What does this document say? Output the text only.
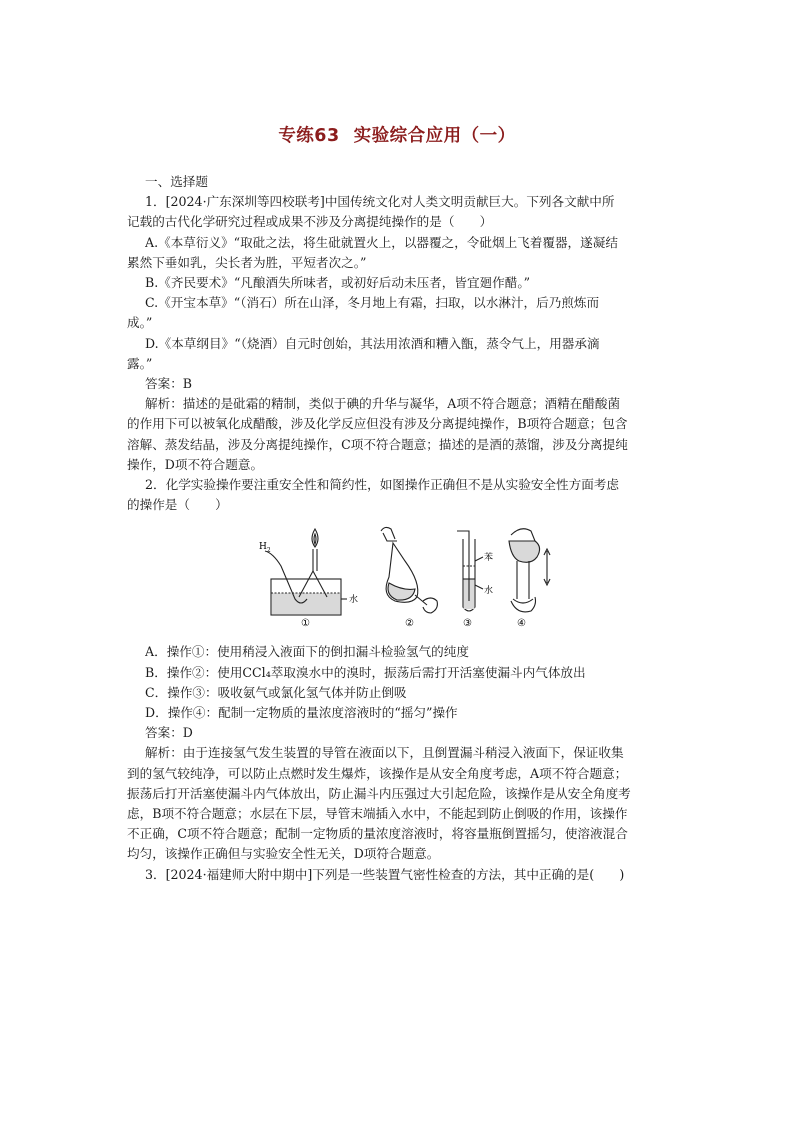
专练63 实验综合应用（一）
一、选择题
1．[2024·广东深圳等四校联考]中国传统文化对人类文明贡献巨大。下列各文献中所
记载的古代化学研究过程或成果不涉及分离提纯操作的是（　　）
A.《本草衍义》“取砒之法，将生砒就置火上，以器覆之，令砒烟上飞着覆器，遂凝结
累然下垂如乳，尖长者为胜，平短者次之。”
B.《齐民要术》“凡酿酒失所味者，或初好后动未压者，皆宜廻作醋。”
C.《开宝本草》“（消石）所在山泽，冬月地上有霜，扫取，以水淋汁，后乃煎炼而
成。”
D.《本草纲目》“（烧酒）自元时创始，其法用浓酒和糟入甑，蒸令气上，用器承滴
露。”
答案：B
解析：描述的是砒霜的精制，类似于碘的升华与凝华，A项不符合题意；酒精在醋酸菌
的作用下可以被氧化成醋酸，涉及化学反应但没有涉及分离提纯操作，B项符合题意；包含
溶解、蒸发结晶，涉及分离提纯操作，C项不符合题意；描述的是酒的蒸馏，涉及分离提纯
操作，D项不符合题意。
2．化学实验操作要注重安全性和简约性，如图操作正确但不是从实验安全性方面考虑
的操作是（　　）
$H_2$
水
①	②
苯
水
③	④
A．操作①：使用稍浸入液面下的倒扣漏斗检验氢气的纯度
B．操作②：使用CCl₄萃取溴水中的溴时，振荡后需打开活塞使漏斗内气体放出
C．操作③：吸收氨气或氯化氢气体并防止倒吸
D．操作④：配制一定物质的量浓度溶液时的“摇匀”操作
答案：D
解析：由于连接氢气发生装置的导管在液面以下，且倒置漏斗稍浸入液面下，保证收集
到的氢气较纯净，可以防止点燃时发生爆炸，该操作是从安全角度考虑，A项不符合题意；
振荡后打开活塞使漏斗内气体放出，防止漏斗内压强过大引起危险，该操作是从安全角度考
虑，B项不符合题意；水层在下层，导管末端插入水中，不能起到防止倒吸的作用，该操作
不正确，C项不符合题意；配制一定物质的量浓度溶液时，将容量瓶倒置摇匀，使溶液混合
均匀，该操作正确但与实验安全性无关，D项符合题意。
3．[2024·福建师大附中期中]下列是一些装置气密性检查的方法，其中正确的是(　　)
